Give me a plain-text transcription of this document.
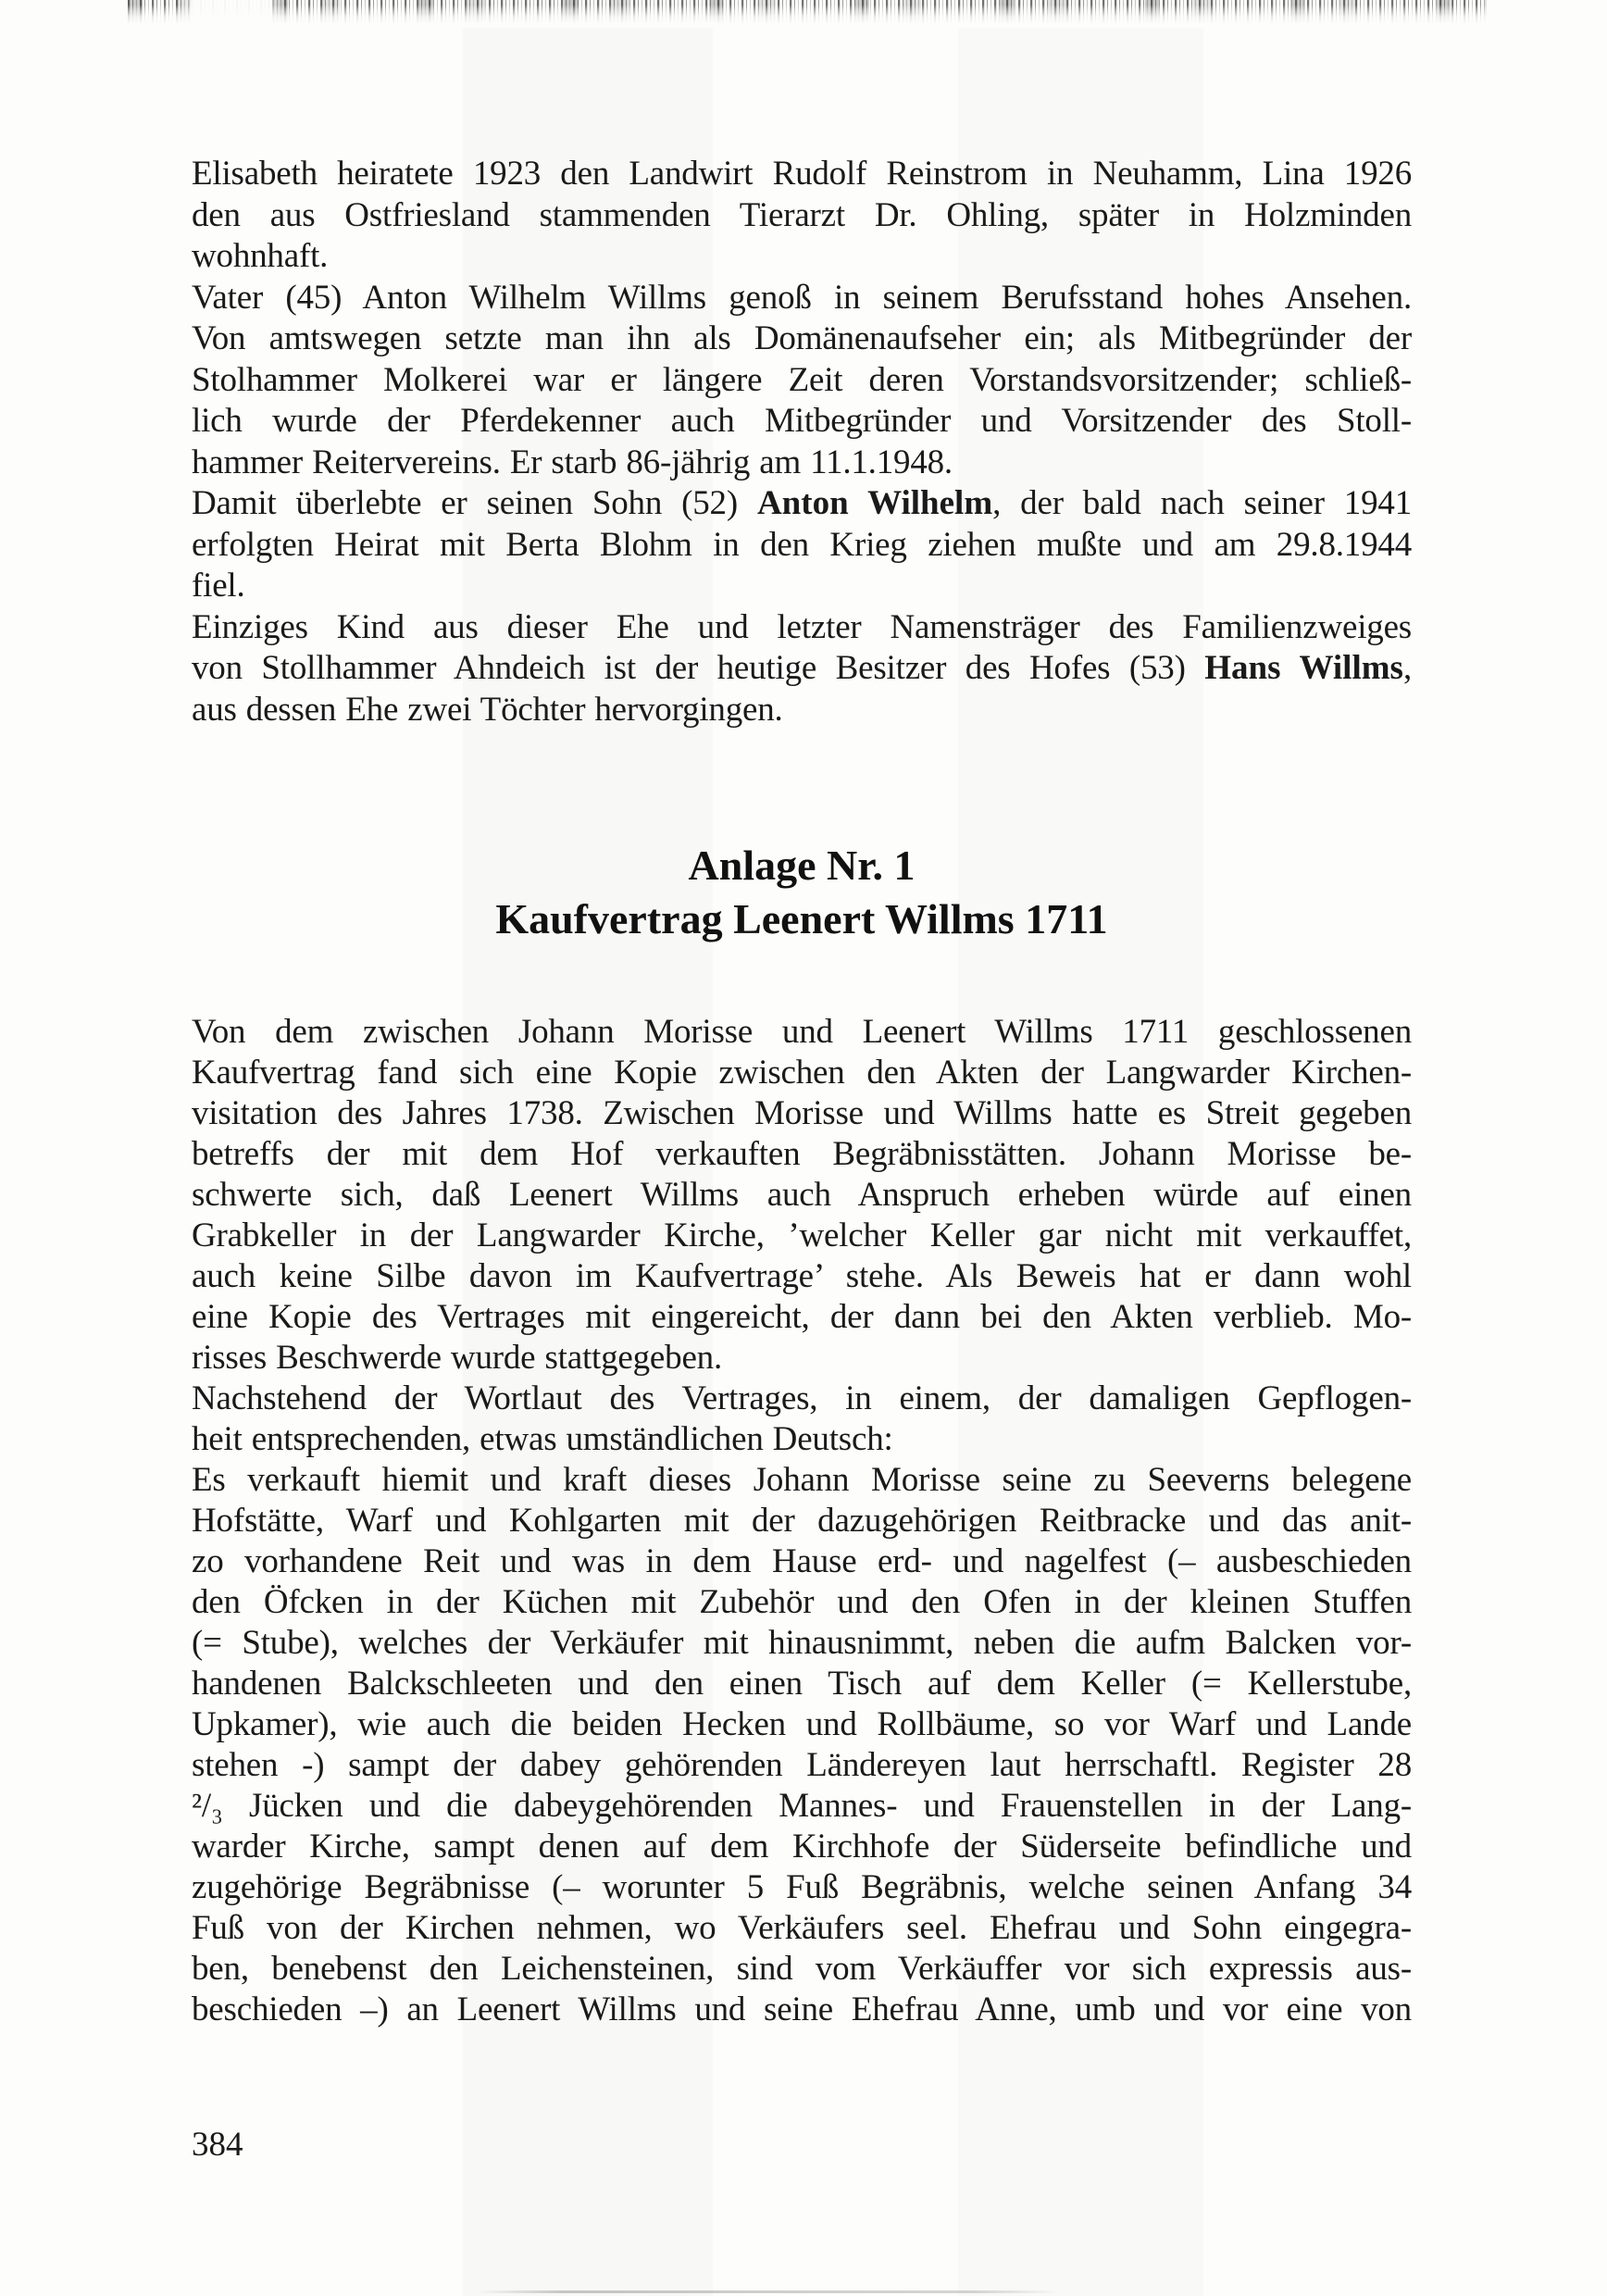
Elisabeth heiratete 1923 den Landwirt Rudolf Reinstrom in Neuhamm, Lina 1926
den aus Ostfriesland stammenden Tierarzt Dr. Ohling, später in Holzminden
wohnhaft.
Vater (45) Anton Wilhelm Willms genoß in seinem Berufsstand hohes Ansehen.
Von amtswegen setzte man ihn als Domänenaufseher ein; als Mitbegründer der
Stolhammer Molkerei war er längere Zeit deren Vorstandsvorsitzender; schließ-
lich wurde der Pferdekenner auch Mitbegründer und Vorsitzender des Stoll-
hammer Reitervereins. Er starb 86-jährig am 11.1.1948.
Damit überlebte er seinen Sohn (52) Anton Wilhelm, der bald nach seiner 1941
erfolgten Heirat mit Berta Blohm in den Krieg ziehen mußte und am 29.8.1944
fiel.
Einziges Kind aus dieser Ehe und letzter Namensträger des Familienzweiges
von Stollhammer Ahndeich ist der heutige Besitzer des Hofes (53) Hans Willms,
aus dessen Ehe zwei Töchter hervorgingen.
Anlage Nr. 1
Kaufvertrag Leenert Willms 1711
Von dem zwischen Johann Morisse und Leenert Willms 1711 geschlossenen
Kaufvertrag fand sich eine Kopie zwischen den Akten der Langwarder Kirchen-
visitation des Jahres 1738. Zwischen Morisse und Willms hatte es Streit gegeben
betreffs der mit dem Hof verkauften Begräbnisstätten. Johann Morisse be-
schwerte sich, daß Leenert Willms auch Anspruch erheben würde auf einen
Grabkeller in der Langwarder Kirche, ’welcher Keller gar nicht mit verkauffet,
auch keine Silbe davon im Kaufvertrage’ stehe. Als Beweis hat er dann wohl
eine Kopie des Vertrages mit eingereicht, der dann bei den Akten verblieb. Mo-
risses Beschwerde wurde stattgegeben.
Nachstehend der Wortlaut des Vertrages, in einem, der damaligen Gepflogen-
heit entsprechenden, etwas umständlichen Deutsch:
Es verkauft hiemit und kraft dieses Johann Morisse seine zu Seeverns belegene
Hofstätte, Warf und Kohlgarten mit der dazugehörigen Reitbracke und das anit-
zo vorhandene Reit und was in dem Hause erd- und nagelfest (– ausbeschieden
den Öfcken in der Küchen mit Zubehör und den Ofen in der kleinen Stuffen
(= Stube), welches der Verkäufer mit hinausnimmt, neben die aufm Balcken vor-
handenen Balckschleeten und den einen Tisch auf dem Keller (= Kellerstube,
Upkamer), wie auch die beiden Hecken und Rollbäume, so vor Warf und Lande
stehen -) sampt der dabey gehörenden Ländereyen laut herrschaftl. Register 28
²/₃ Jücken und die dabeygehörenden Mannes- und Frauenstellen in der Lang-
warder Kirche, sampt denen auf dem Kirchhofe der Süderseite befindliche und
zugehörige Begräbnisse (– worunter 5 Fuß Begräbnis, welche seinen Anfang 34
Fuß von der Kirchen nehmen, wo Verkäufers seel. Ehefrau und Sohn eingegra-
ben, benebenst den Leichensteinen, sind vom Verkäuffer vor sich expressis aus-
beschieden –) an Leenert Willms und seine Ehefrau Anne, umb und vor eine von
384
